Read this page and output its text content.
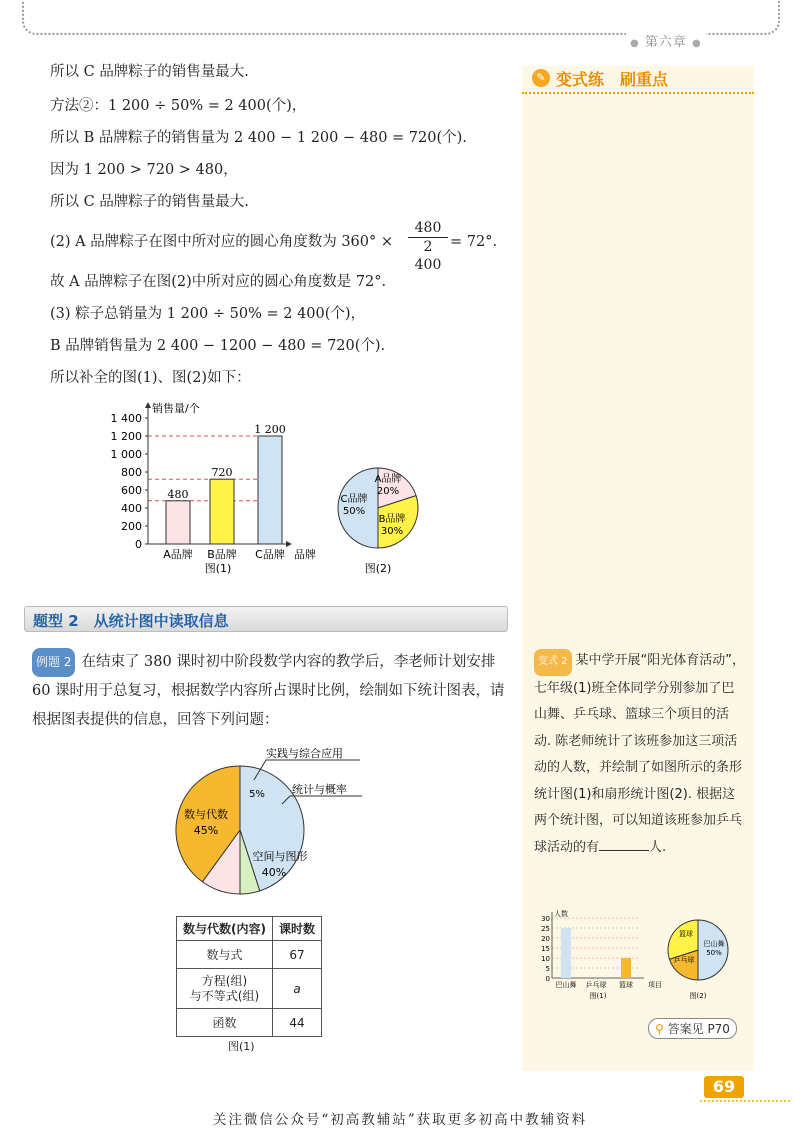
● 第六章 ●
✎ 变式练　刷重点
所以 C 品牌粽子的销售量最大.
方法②：1 200 ÷ 50% = 2 400(个)，
所以 B 品牌粽子的销售量为 2 400 − 1 200 − 480 = 720(个).
因为 1 200 > 720 > 480，
所以 C 品牌粽子的销售量最大.
(2) A 品牌粽子在图中所对应的圆心角度数为 $360^\circ \times \frac{480}{2 400} = 72^\circ$.
故 A 品牌粽子在图(2)中所对应的圆心角度数是 72°.
(3) 粽子总销量为 1 200 ÷ 50% = 2 400(个)，
B 品牌销售量为 2 400 − 1200 − 480 = 720(个).
所以补全的图(1)、图(2)如下：
0
200
400
600
800
1 000
1 200
1 400
销售量/个
品牌
480
A品牌
720
B品牌
1 200
C品牌
图(1)
C品牌
50%
A品牌
20%
B品牌
30%
图(2)
题型 2　从统计图中读取信息
例题 2 在结束了 380 课时初中阶段数学内容的教学后，李老师计划安排 60 课时用于总复习，根据数学内容所占课时比例，绘制如下统计图表，请根据图表提供的信息，回答下列问题：
数与代数
45%
5%
空间与图形
40%
实践与综合应用
统计与概率
数与代数(内容)	课时数
数与式	67
方程(组)
与不等式(组)	a
函数	44
图(1)
变式 2 某中学开展“阳光体育活动”，七年级(1)班全体同学分别参加了巴山舞、乒乓球、篮球三个项目的活动. 陈老师统计了该班参加这三项活动的人数，并绘制了如图所示的条形统计图(1)和扇形统计图(2). 根据这两个统计图，可以知道该班参加乒乓球活动的有	人.
0
5
10
15
20
25
30
人数
项目
巴山舞 乒乓球 篮球
图(1)
巴山舞
50%
篮球
乒乓球
图(2)
⚲ 答案见 P70
69
关注微信公众号“初高教辅站”获取更多初高中教辅资料
